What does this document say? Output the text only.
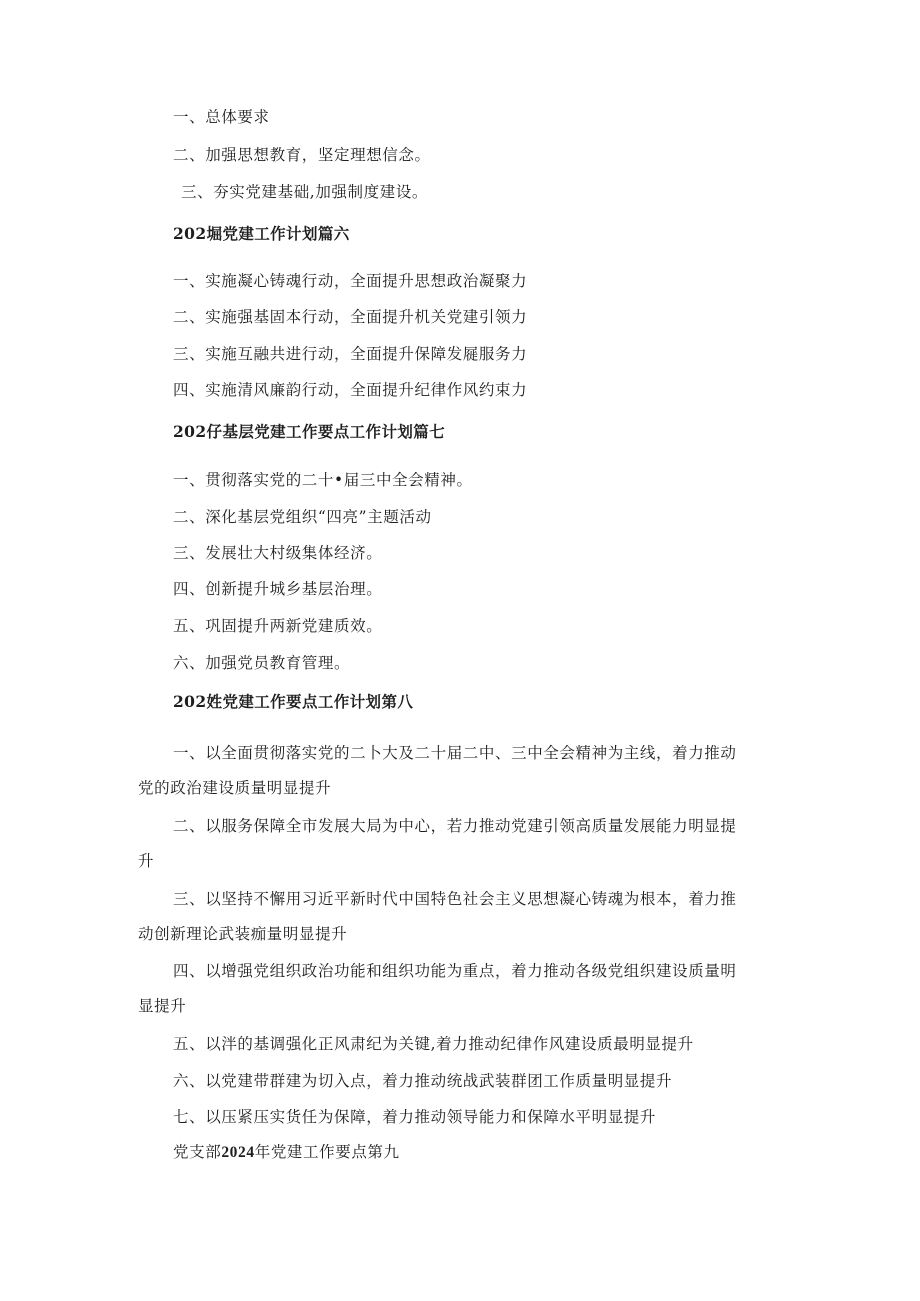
一、总体要求
二、加强思想教育，坚定理想信念。
三、夯实党建基础,加强制度建设。
202堀党建工作计划篇六
一、实施凝心铸魂行动，全面提升思想政治凝聚力
二、实施强基固本行动，全面提升机关党建引领力
三、实施互融共进行动，全面提升保障发屣服务力
四、实施清风廉韵行动，全面提升纪律作风约束力
202仔基层党建工作要点工作计划篇七
一、贯彻落实党的二十•届三中全会精神。
二、深化基层党组织“四亮”主题活动
三、发展壮大村级集体经济。
四、创新提升城乡基层治理。
五、巩固提升两新党建质效。
六、加强党员教育管理。
202姓党建工作要点工作计划第八
一、以全面贯彻落实党的二卜大及二十届二中、三中全会精神为主线，着力推动
党的政治建设质量明显提升
二、以服务保障全市发展大局为中心，若力推动党建引领高质量发展能力明显提
升
三、以坚持不懈用习近平新时代中国特色社会主义思想凝心铸魂为根本，着力推
动创新理论武装痂量明显提升
四、以增强党组织政治功能和组织功能为重点，着力推动各级党组织建设质量明
显提升
五、以泮的基调强化正风肃纪为关键,着力推动纪律作风建设质最明显提升
六、以党建带群建为切入点，着力推动统战武装群团工作质量明显提升
七、以压紧压实货任为保障，着力推动领导能力和保障水平明显提升
党支部2024年党建工作要点第九
